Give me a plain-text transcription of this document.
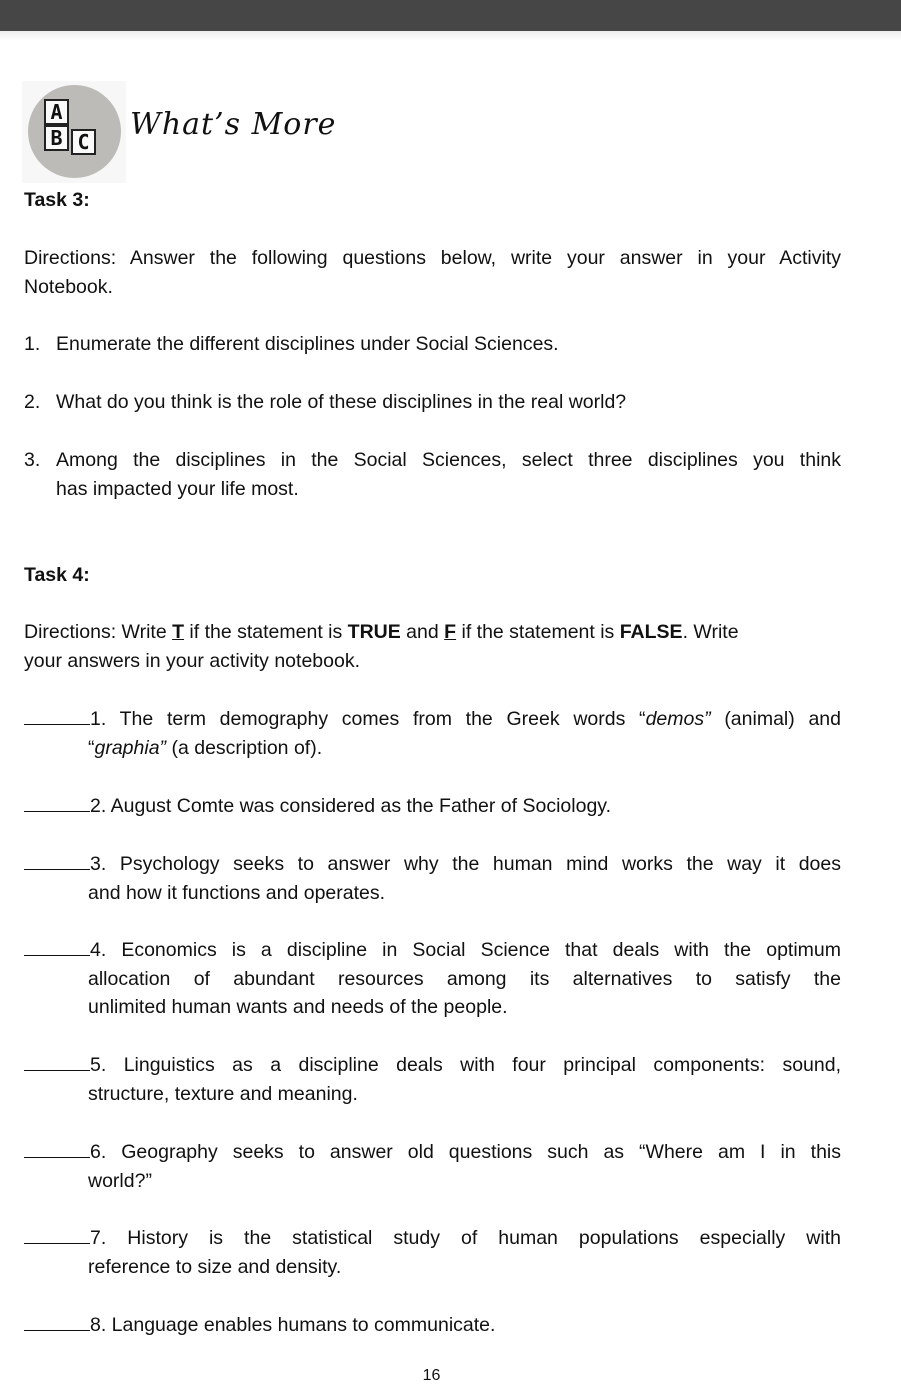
A
B C What’s More
Task 3:
Directions: Answer the following questions below, write your answer in your Activity
Notebook.
1. Enumerate the different disciplines under Social Sciences.
2. What do you think is the role of these disciplines in the real world?
3. Among the disciplines in the Social Sciences, select three disciplines you think
has impacted your life most.
Task 4:
Directions: Write T if the statement is TRUE and F if the statement is FALSE. Write
your answers in your activity notebook.
1. The term demography comes from the Greek words “demos” (animal) and
“graphia” (a description of).
2. August Comte was considered as the Father of Sociology.
3. Psychology seeks to answer why the human mind works the way it does
and how it functions and operates.
4. Economics is a discipline in Social Science that deals with the optimum
allocation of abundant resources among its alternatives to satisfy the
unlimited human wants and needs of the people.
5. Linguistics as a discipline deals with four principal components: sound,
structure, texture and meaning.
6. Geography seeks to answer old questions such as “Where am I in this
world?”
7. History is the statistical study of human populations especially with
reference to size and density.
8. Language enables humans to communicate.
16
